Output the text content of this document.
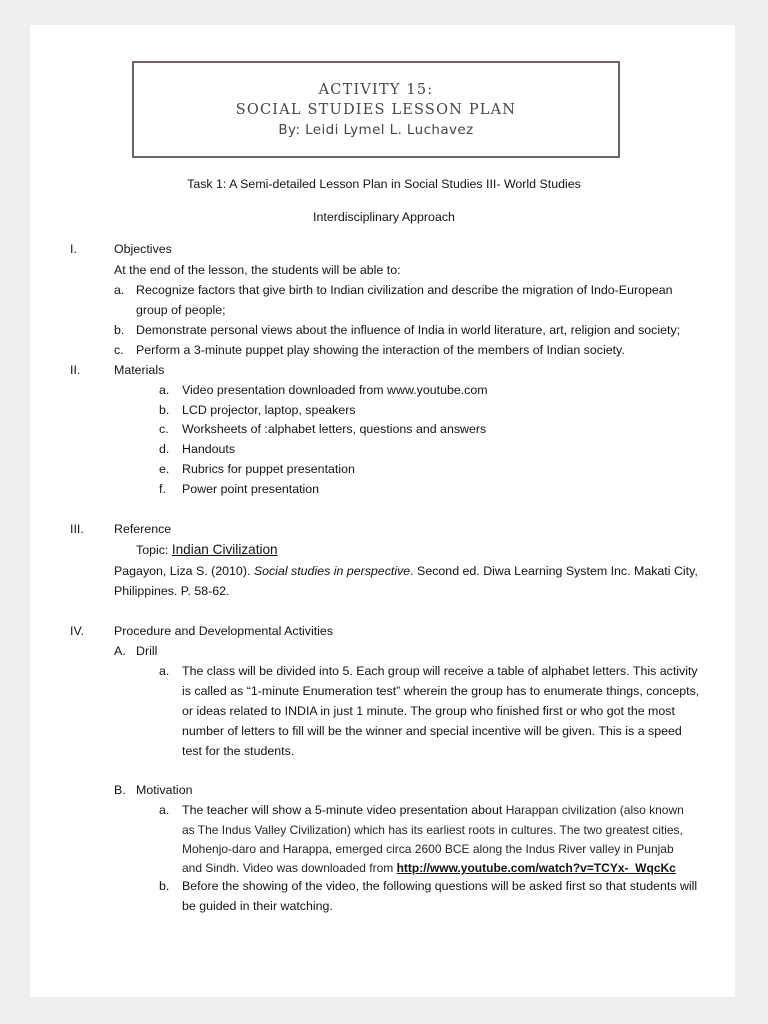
ACTIVITY 15:
SOCIAL STUDIES LESSON PLAN
By: Leidi Lymel L. Luchavez
Task 1: A Semi-detailed Lesson Plan in Social Studies III- World Studies
Interdisciplinary Approach
I.	Objectives
At the end of the lesson, the students will be able to:
a. Recognize factors that give birth to Indian civilization and describe the migration of Indo-European
group of people;
b. Demonstrate personal views about the influence of India in world literature, art, religion and society;
c. Perform a 3-minute puppet play showing the interaction of the members of Indian society.
II.	Materials
a. Video presentation downloaded from www.youtube.com
b. LCD projector, laptop, speakers
c. Worksheets of :alphabet letters, questions and answers
d. Handouts
e. Rubrics for puppet presentation
f. Power point presentation
III. Reference
Topic: Indian Civilization
Pagayon, Liza S. (2010). Social studies in perspective. Second ed. Diwa Learning System Inc. Makati City,
Philippines. P. 58-62.
IV. Procedure and Developmental Activities
A. Drill
a. The class will be divided into 5. Each group will receive a table of alphabet letters. This activity
is called as “1-minute Enumeration test” wherein the group has to enumerate things, concepts,
or ideas related to INDIA in just 1 minute. The group who finished first or who got the most
number of letters to fill will be the winner and special incentive will be given. This is a speed
test for the students.
B. Motivation
a. The teacher will show a 5-minute video presentation about Harappan civilization (also known
as The Indus Valley Civilization) which has its earliest roots in cultures. The two greatest cities,
Mohenjo-daro and Harappa, emerged circa 2600 BCE along the Indus River valley in Punjab
and Sindh. Video was downloaded from http://www.youtube.com/watch?v=TCYx-_WqcKc
b. Before the showing of the video, the following questions will be asked first so that students will
be guided in their watching.
